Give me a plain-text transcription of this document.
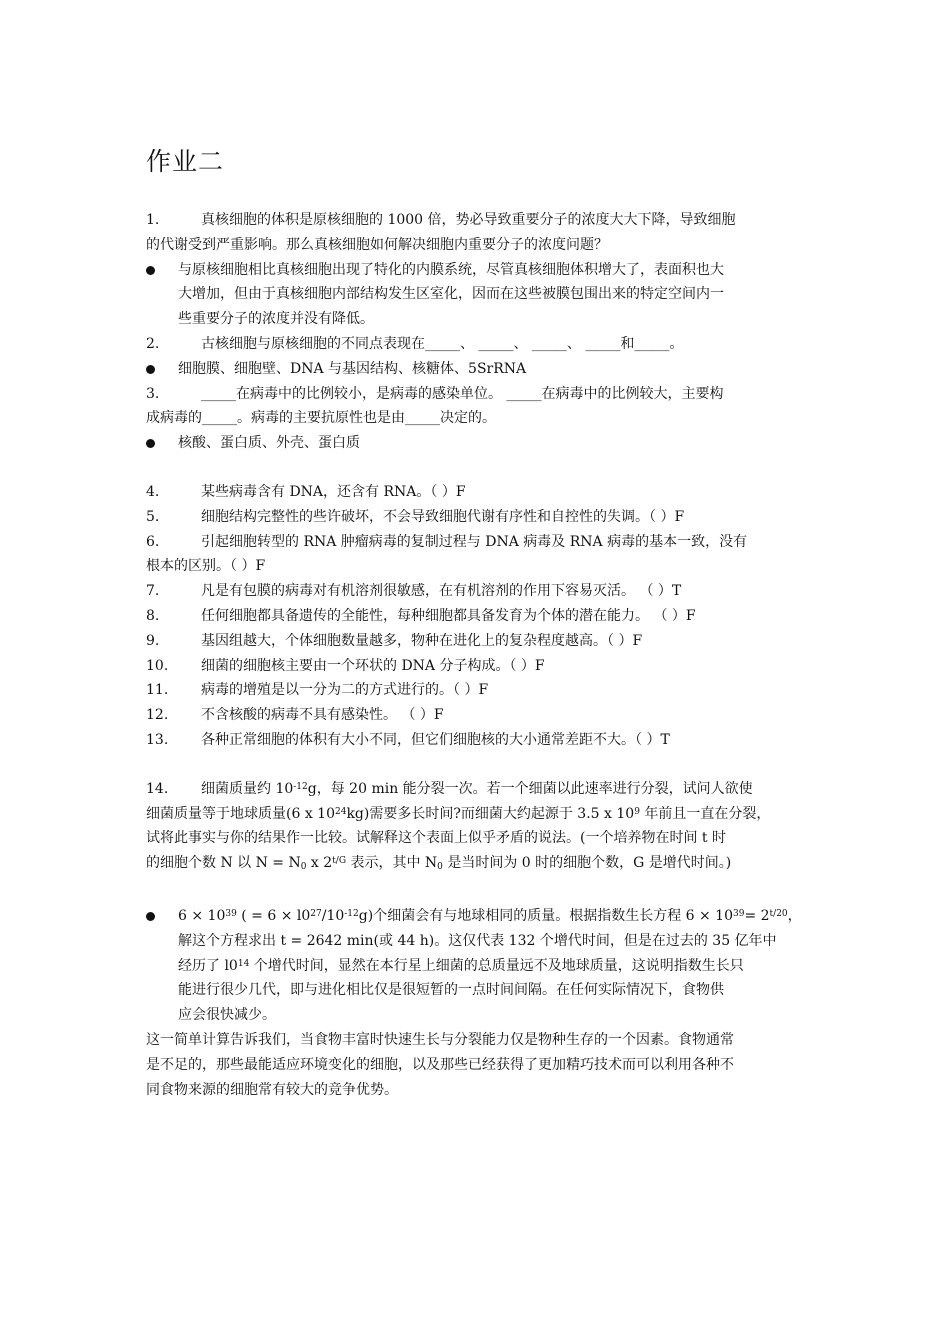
作业二

1.	真核细胞的体积是原核细胞的 1000 倍，势必导致重要分子的浓度大大下降，导致细胞

的代谢受到严重影响。那么真核细胞如何解决细胞内重要分子的浓度问题？

与原核细胞相比真核细胞出现了特化的内膜系统，尽管真核细胞体积增大了，表面积也大
大增加，但由于真核细胞内部结构发生区室化，因而在这些被膜包围出来的特定空间内一
些重要分子的浓度并没有降低。

2.	古核细胞与原核细胞的不同点表现在_____、 _____、 _____、 _____和_____。

细胞膜、细胞壁、DNA 与基因结构、核糖体、5SrRNA

3.	_____在病毒中的比例较小，是病毒的感染单位。 _____在病毒中的比例较大，主要构

成病毒的_____。病毒的主要抗原性也是由_____决定的。

核酸、蛋白质、外壳、蛋白质

4.	某些病毒含有 DNA，还含有 RNA。（ ）F

5.	细胞结构完整性的些许破坏，不会导致细胞代谢有序性和自控性的失调。（ ）F

6.	引起细胞转型的 RNA 肿瘤病毒的复制过程与 DNA 病毒及 RNA 病毒的基本一致，没有

根本的区别。（ ）F

7.	凡是有包膜的病毒对有机溶剂很敏感，在有机溶剂的作用下容易灭活。 （ ）T

8.	任何细胞都具备遗传的全能性，每种细胞都具备发育为个体的潜在能力。 （ ）F

9.	基因组越大，个体细胞数量越多，物种在进化上的复杂程度越高。（ ）F

10. 细菌的细胞核主要由一个环状的 DNA 分子构成。（ ）F

11. 病毒的增殖是以一分为二的方式进行的。（ ）F

12. 不含核酸的病毒不具有感染性。 （ ）F

13. 各种正常细胞的体积有大小不同，但它们细胞核的大小通常差距不大。（ ）T

14. 细菌质量约 $10^{-12}g$，每 20 min 能分裂一次。若一个细菌以此速率进行分裂，试问人欲使

细菌质量等于地球质量(6 x $10^{24}kg$)需要多长时间?而细菌大约起源于 3.5 x $10^9$ 年前且一直在分裂，

试将此事实与你的结果作一比较。试解释这个表面上似乎矛盾的说法。(一个培养物在时间 t 时

的细胞个数 N 以 $N = N_0$ x $2^{t/G}$ 表示，其中 $N_0$ 是当时间为 0 时的细胞个数，G 是增代时间。)

$6 \times 10^{39}$ ( = $6 \times l0^{27}/10^{-12}g$)个细菌会有与地球相同的质量。根据指数生长方程 $6 \times 10^{39}= 2^{t/20}$，
解这个方程求出 t = 2642 min(或 44 h)。这仅代表 132 个增代时间，但是在过去的 35 亿年中
经历了 $l0^{14}$ 个增代时间，显然在本行星上细菌的总质量远不及地球质量，这说明指数生长只
能进行很少几代，即与进化相比仅是很短暂的一点时间间隔。在任何实际情况下，食物供
应会很快减少。

这一简单计算告诉我们，当食物丰富时快速生长与分裂能力仅是物种生存的一个因素。食物通常

是不足的，那些最能适应环境变化的细胞，以及那些已经获得了更加精巧技术而可以利用各种不

同食物来源的细胞常有较大的竞争优势。
